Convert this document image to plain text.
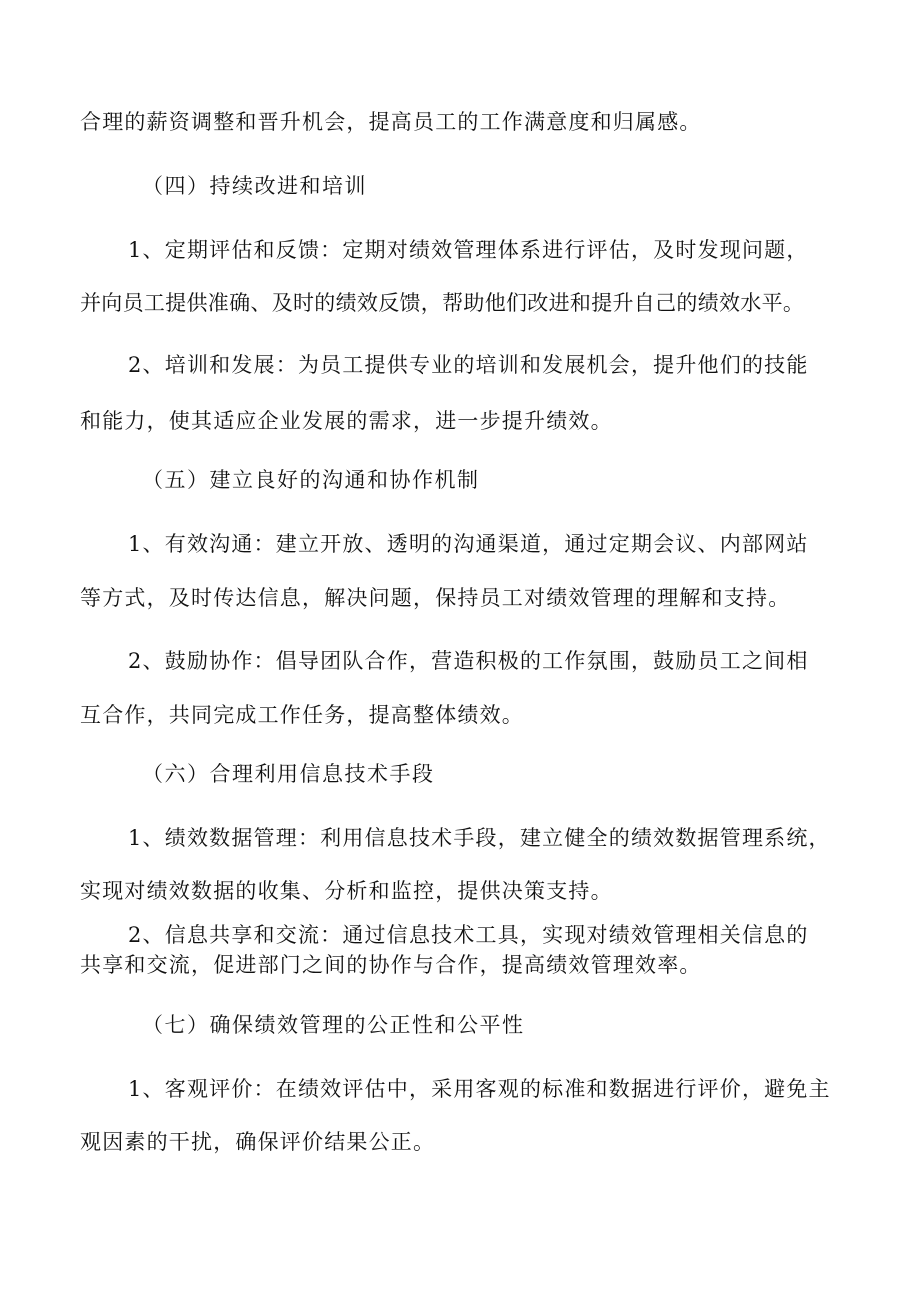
合理的薪资调整和晋升机会，提高员工的工作满意度和归属感。
（四）持续改进和培训
1、定期评估和反馈：定期对绩效管理体系进行评估，及时发现问题，
并向员工提供准确、及时的绩效反馈，帮助他们改进和提升自己的绩效水平。
2、培训和发展：为员工提供专业的培训和发展机会，提升他们的技能
和能力，使其适应企业发展的需求，进一步提升绩效。
（五）建立良好的沟通和协作机制
1、有效沟通：建立开放、透明的沟通渠道，通过定期会议、内部网站
等方式，及时传达信息，解决问题，保持员工对绩效管理的理解和支持。
2、鼓励协作：倡导团队合作，营造积极的工作氛围，鼓励员工之间相
互合作，共同完成工作任务，提高整体绩效。
（六）合理利用信息技术手段
1、绩效数据管理：利用信息技术手段，建立健全的绩效数据管理系统，
实现对绩效数据的收集、分析和监控，提供决策支持。
2、信息共享和交流：通过信息技术工具，实现对绩效管理相关信息的
共享和交流，促进部门之间的协作与合作，提高绩效管理效率。
（七）确保绩效管理的公正性和公平性
1、客观评价：在绩效评估中，采用客观的标准和数据进行评价，避免主
观因素的干扰，确保评价结果公正。
